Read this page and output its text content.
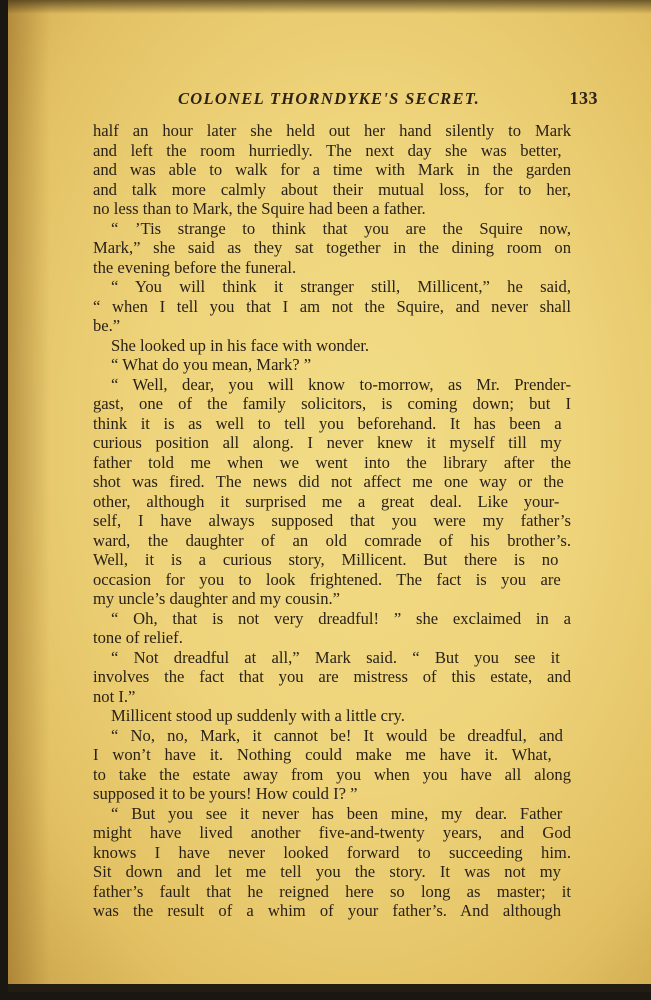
COLONEL THORNDYKE'S SECRET.	133
half an hour later she held out her hand silently to Mark
and left the room hurriedly. The next day she was better,
and was able to walk for a time with Mark in the garden
and talk more calmly about their mutual loss, for to her,
no less than to Mark, the Squire had been a father.
“ ’Tis strange to think that you are the Squire now,
Mark,” she said as they sat together in the dining room on
the evening before the funeral.
“ You will think it stranger still, Millicent,” he said,
“ when I tell you that I am not the Squire, and never shall
be.”
She looked up in his face with wonder.
“ What do you mean, Mark? ”
“ Well, dear, you will know to-morrow, as Mr. Prender-
gast, one of the family solicitors, is coming down; but I
think it is as well to tell you beforehand. It has been a
curious position all along. I never knew it myself till my
father told me when we went into the library after the
shot was fired. The news did not affect me one way or the
other, although it surprised me a great deal. Like your-
self, I have always supposed that you were my father’s
ward, the daughter of an old comrade of his brother’s.
Well, it is a curious story, Millicent. But there is no
occasion for you to look frightened. The fact is you are
my uncle’s daughter and my cousin.”
“ Oh, that is not very dreadful! ” she exclaimed in a
tone of relief.
“ Not dreadful at all,” Mark said. “ But you see it
involves the fact that you are mistress of this estate, and
not I.”
Millicent stood up suddenly with a little cry.
“ No, no, Mark, it cannot be! It would be dreadful, and
I won’t have it. Nothing could make me have it. What,
to take the estate away from you when you have all along
supposed it to be yours! How could I? ”
“ But you see it never has been mine, my dear. Father
might have lived another five-and-twenty years, and God
knows I have never looked forward to succeeding him.
Sit down and let me tell you the story. It was not my
father’s fault that he reigned here so long as master; it
was the result of a whim of your father’s. And although
